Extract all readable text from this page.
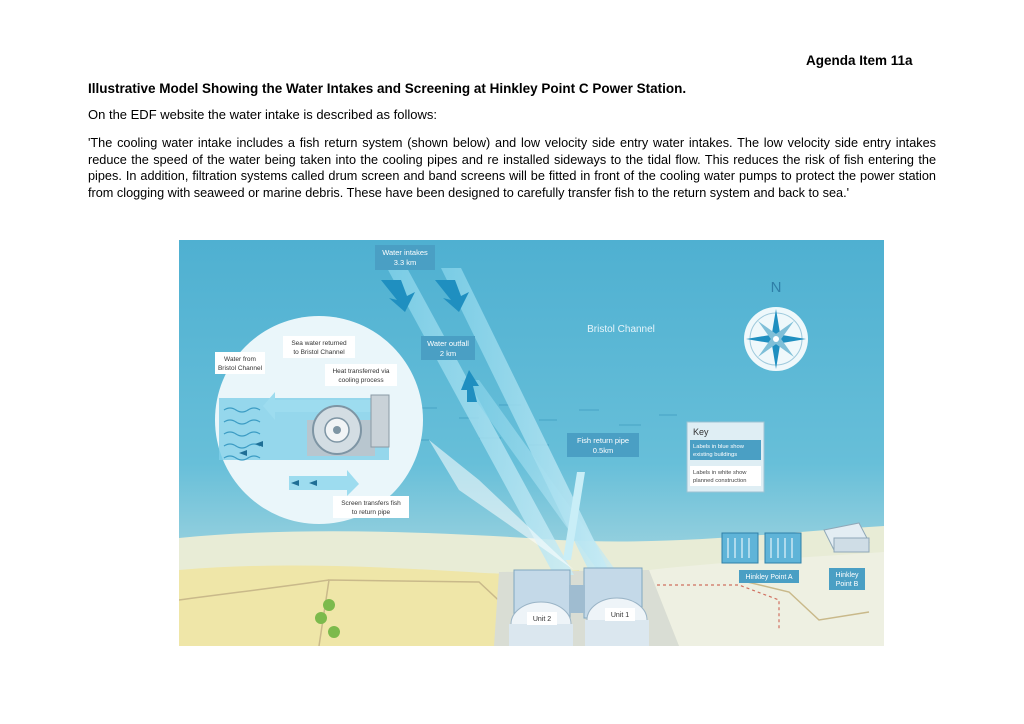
Agenda Item 11a
Illustrative Model Showing the Water Intakes and Screening at Hinkley Point C Power Station.
On the EDF website the water intake is described as follows:
'The cooling water intake includes a fish return system (shown below) and low velocity side entry water intakes. The low velocity side entry intakes reduce the speed of the water being taken into the cooling pipes and re installed sideways to the tidal flow. This reduces the risk of fish entering the pipes. In addition, filtration systems called drum screen and band screens will be fitted in front of the cooling water pumps to protect the power station from clogging with seaweed or marine debris. These have been designed to carefully transfer fish to the return system and back to sea.'
Water intakes
3.3 km
Water outfall
2 km
Fish return pipe
0.5km
Bristol Channel
N
Key
Labels in blue show
existing buildings
Labels in white show
planned construction
Water from
Bristol Channel
Sea water returned
to Bristol Channel
Heat transferred via
cooling process
Screen transfers fish
to return pipe
Unit 2
Unit 1
Hinkley Point A	Hinkley
Point B
